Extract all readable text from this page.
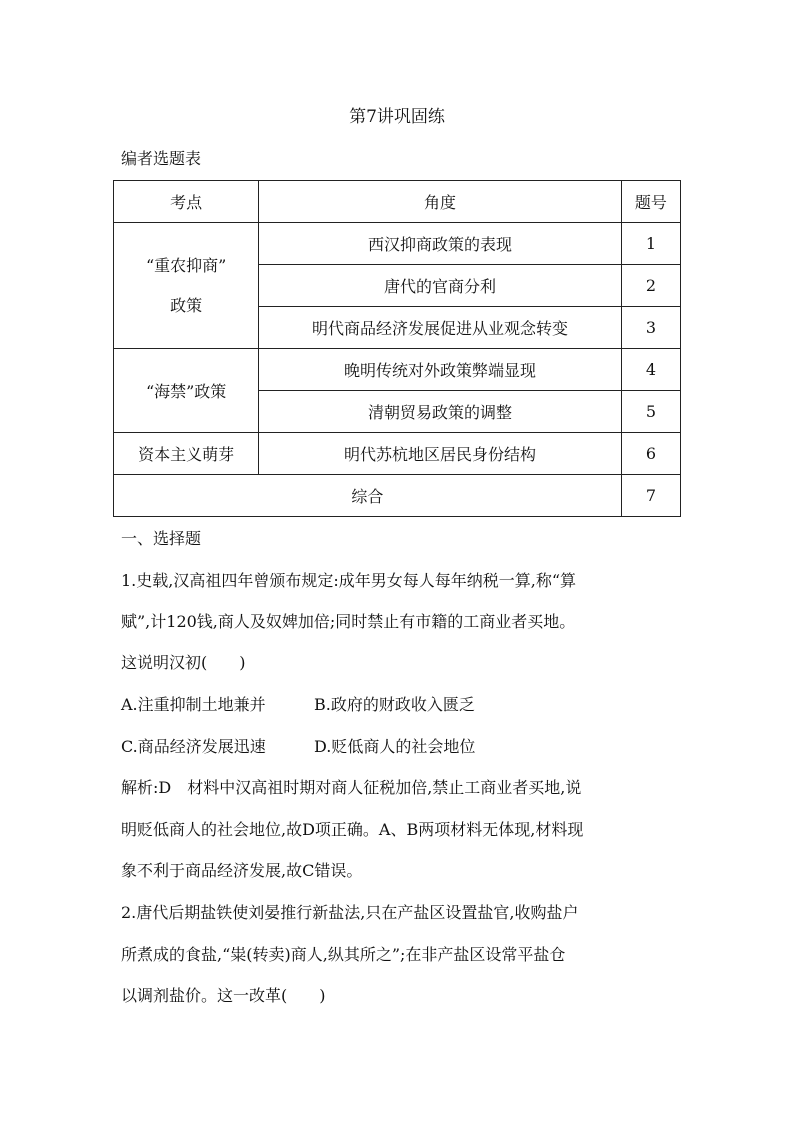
第7讲巩固练
编者选题表
考点	角度	题号

“重农抑商”
政策	西汉抑商政策的表现	1
	唐代的官商分利	2
	明代商品经济发展促进从业观念转变	3
“海禁”政策	晚明传统对外政策弊端显现	4
	清朝贸易政策的调整	5
资本主义萌芽	明代苏杭地区居民身份结构	6
综合		7
一、选择题
1.史载,汉高祖四年曾颁布规定:成年男女每人每年纳税一算,称“算
赋”,计120钱,商人及奴婢加倍;同时禁止有市籍的工商业者买地。
这说明汉初(　　)
A.注重抑制土地兼并	B.政府的财政收入匮乏
C.商品经济发展迅速	D.贬低商人的社会地位
解析:D　材料中汉高祖时期对商人征税加倍,禁止工商业者买地,说
明贬低商人的社会地位,故D项正确。A、B两项材料无体现,材料现
象不利于商品经济发展,故C错误。
2.唐代后期盐铁使刘晏推行新盐法,只在产盐区设置盐官,收购盐户
所煮成的食盐,“粜(转卖)商人,纵其所之”;在非产盐区设常平盐仓
以调剂盐价。这一改革(　　)
